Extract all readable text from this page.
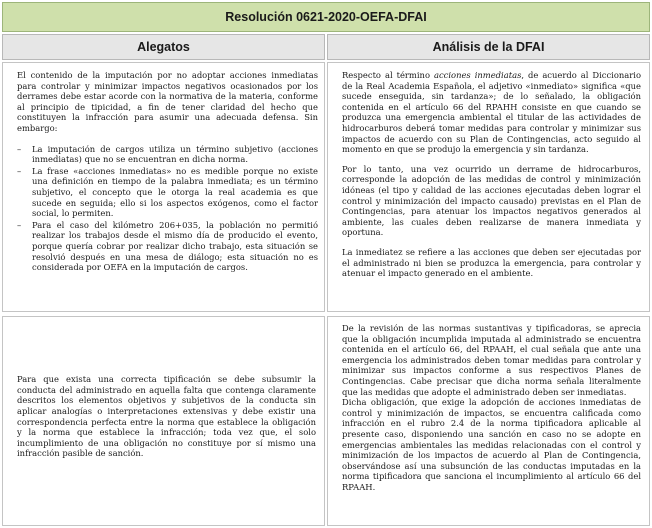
Resolución 0621-2020-OEFA-DFAI
Alegatos	Análisis de la DFAI

El contenido de la imputación por no adoptar acciones inmediatas para controlar y minimizar impactos negativos ocasionados por los derrames debe estar acorde con la normativa de la materia, conforme al principio de tipicidad, a fin de tener claridad del hecho que constituyen la infracción para asumir una adecuada defensa. Sin embargo:

– La imputación de cargos utiliza un término subjetivo (acciones inmediatas) que no se encuentran en dicha norma.
– La frase «acciones inmediatas» no es medible porque no existe una definición en tiempo de la palabra inmediata; es un término subjetivo, el concepto que le otorga la real academia es que sucede en seguida; ello si los aspectos exógenos, como el factor social, lo permiten.
– Para el caso del kilómetro 206+035, la población no permitió realizar los trabajos desde el mismo día de producido el evento, porque quería cobrar por realizar dicho trabajo, esta situación se resolvió después en una mesa de diálogo; esta situación no es considerada por OEFA en la imputación de cargos.

Respecto al término acciones inmediatas, de acuerdo al Diccionario de la Real Academia Española, el adjetivo «inmediato» significa «que sucede enseguida, sin tardanza»; de lo señalado, la obligación contenida en el artículo 66 del RPAHH consiste en que cuando se produzca una emergencia ambiental el titular de las actividades de hidrocarburos deberá tomar medidas para controlar y minimizar sus impactos de acuerdo con su Plan de Contingencias, acto seguido al momento en que se produjo la emergencia y sin tardanza.

Por lo tanto, una vez ocurrido un derrame de hidrocarburos, corresponde la adopción de las medidas de control y minimización idóneas (el tipo y calidad de las acciones ejecutadas deben lograr el control y minimización del impacto causado) previstas en el Plan de Contingencias, para atenuar los impactos negativos generados al ambiente, las cuales deben realizarse de manera inmediata y oportuna.

La inmediatez se refiere a las acciones que deben ser ejecutadas por el administrado ni bien se produzca la emergencia, para controlar y atenuar el impacto generado en el ambiente.

Para que exista una correcta tipificación se debe subsumir la conducta del administrado en aquella falta que contenga claramente descritos los elementos objetivos y subjetivos de la conducta sin aplicar analogías o interpretaciones extensivas y debe existir una correspondencia perfecta entre la norma que establece la obligación y la norma que establece la infracción; toda vez que, el solo incumplimiento de una obligación no constituye por sí mismo una infracción pasible de sanción.

De la revisión de las normas sustantivas y tipificadoras, se aprecia que la obligación incumplida imputada al administrado se encuentra contenida en el artículo 66, del RPAAH, el cual señala que ante una emergencia los administrados deben tomar medidas para controlar y minimizar sus impactos conforme a sus respectivos Planes de Contingencias. Cabe precisar que dicha norma señala literalmente que las medidas que adopte el administrado deben ser inmediatas.

Dicha obligación, que exige la adopción de acciones inmediatas de control y minimización de impactos, se encuentra calificada como infracción en el rubro 2.4 de la norma tipificadora aplicable al presente caso, disponiendo una sanción en caso no se adopte en emergencias ambientales las medidas relacionadas con el control y minimización de los impactos de acuerdo al Plan de Contingencia, observándose así una subsunción de las conductas imputadas en la norma tipificadora que sanciona el incumplimiento al artículo 66 del RPAAH.
